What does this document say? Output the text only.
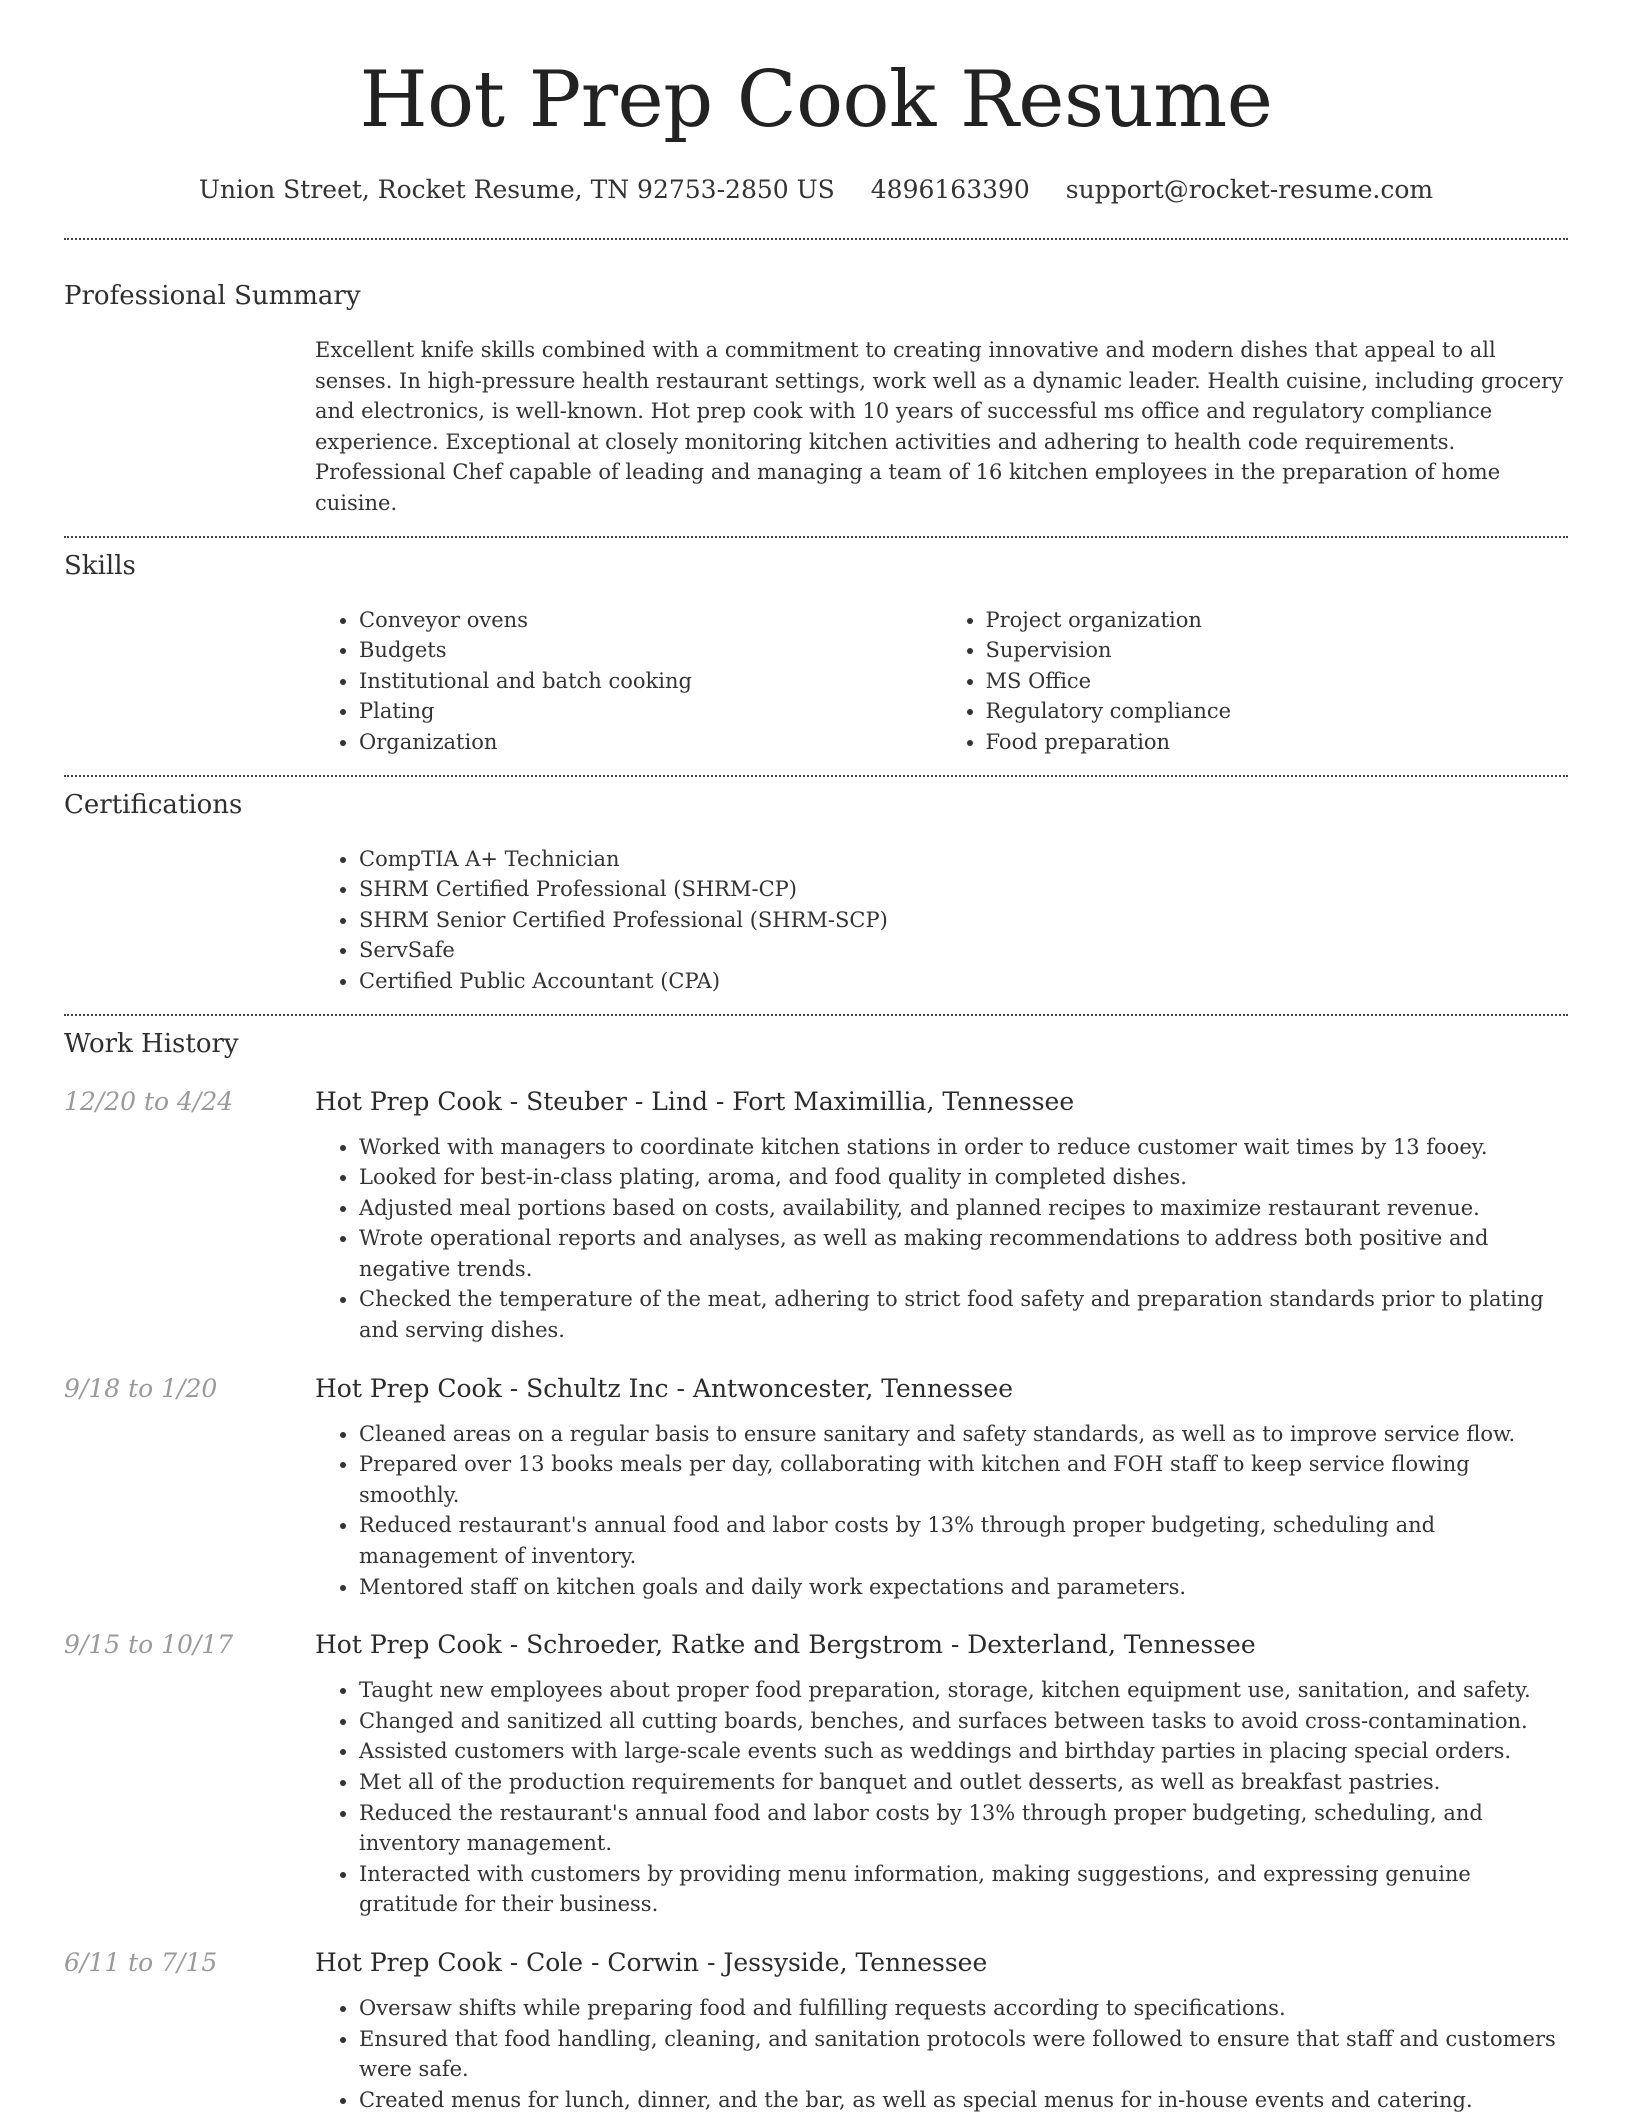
Hot Prep Cook Resume
Union Street, Rocket Resume, TN 92753-2850 US 4896163390 support@rocket-resume.com
Professional Summary
Excellent knife skills combined with a commitment to creating innovative and modern dishes that appeal to all senses. In high-pressure health restaurant settings, work well as a dynamic leader. Health cuisine, including grocery and electronics, is well-known. Hot prep cook with 10 years of successful ms office and regulatory compliance experience. Exceptional at closely monitoring kitchen activities and adhering to health code requirements. Professional Chef capable of leading and managing a team of 16 kitchen employees in the preparation of home cuisine.
Skills
• Conveyor ovens
• Budgets
• Institutional and batch cooking
• Plating
• Organization
• Project organization
• Supervision
• MS Office
• Regulatory compliance
• Food preparation
Certifications
• CompTIA A+ Technician
• SHRM Certified Professional (SHRM-CP)
• SHRM Senior Certified Professional (SHRM-SCP)
• ServSafe
• Certified Public Accountant (CPA)
Work History
12/20 to 4/24	Hot Prep Cook - Steuber - Lind - Fort Maximillia, Tennessee
• Worked with managers to coordinate kitchen stations in order to reduce customer wait times by 13 fooey.
• Looked for best-in-class plating, aroma, and food quality in completed dishes.
• Adjusted meal portions based on costs, availability, and planned recipes to maximize restaurant revenue.
• Wrote operational reports and analyses, as well as making recommendations to address both positive and negative trends.
• Checked the temperature of the meat, adhering to strict food safety and preparation standards prior to plating and serving dishes.
9/18 to 1/20	Hot Prep Cook - Schultz Inc - Antwoncester, Tennessee
• Cleaned areas on a regular basis to ensure sanitary and safety standards, as well as to improve service flow.
• Prepared over 13 books meals per day, collaborating with kitchen and FOH staff to keep service flowing smoothly.
• Reduced restaurant's annual food and labor costs by 13% through proper budgeting, scheduling and management of inventory.
• Mentored staff on kitchen goals and daily work expectations and parameters.
9/15 to 10/17	Hot Prep Cook - Schroeder, Ratke and Bergstrom - Dexterland, Tennessee
• Taught new employees about proper food preparation, storage, kitchen equipment use, sanitation, and safety.
• Changed and sanitized all cutting boards, benches, and surfaces between tasks to avoid cross-contamination.
• Assisted customers with large-scale events such as weddings and birthday parties in placing special orders.
• Met all of the production requirements for banquet and outlet desserts, as well as breakfast pastries.
• Reduced the restaurant's annual food and labor costs by 13% through proper budgeting, scheduling, and inventory management.
• Interacted with customers by providing menu information, making suggestions, and expressing genuine gratitude for their business.
6/11 to 7/15	Hot Prep Cook - Cole - Corwin - Jessyside, Tennessee
• Oversaw shifts while preparing food and fulfilling requests according to specifications.
• Ensured that food handling, cleaning, and sanitation protocols were followed to ensure that staff and customers were safe.
• Created menus for lunch, dinner, and the bar, as well as special menus for in-house events and catering.
